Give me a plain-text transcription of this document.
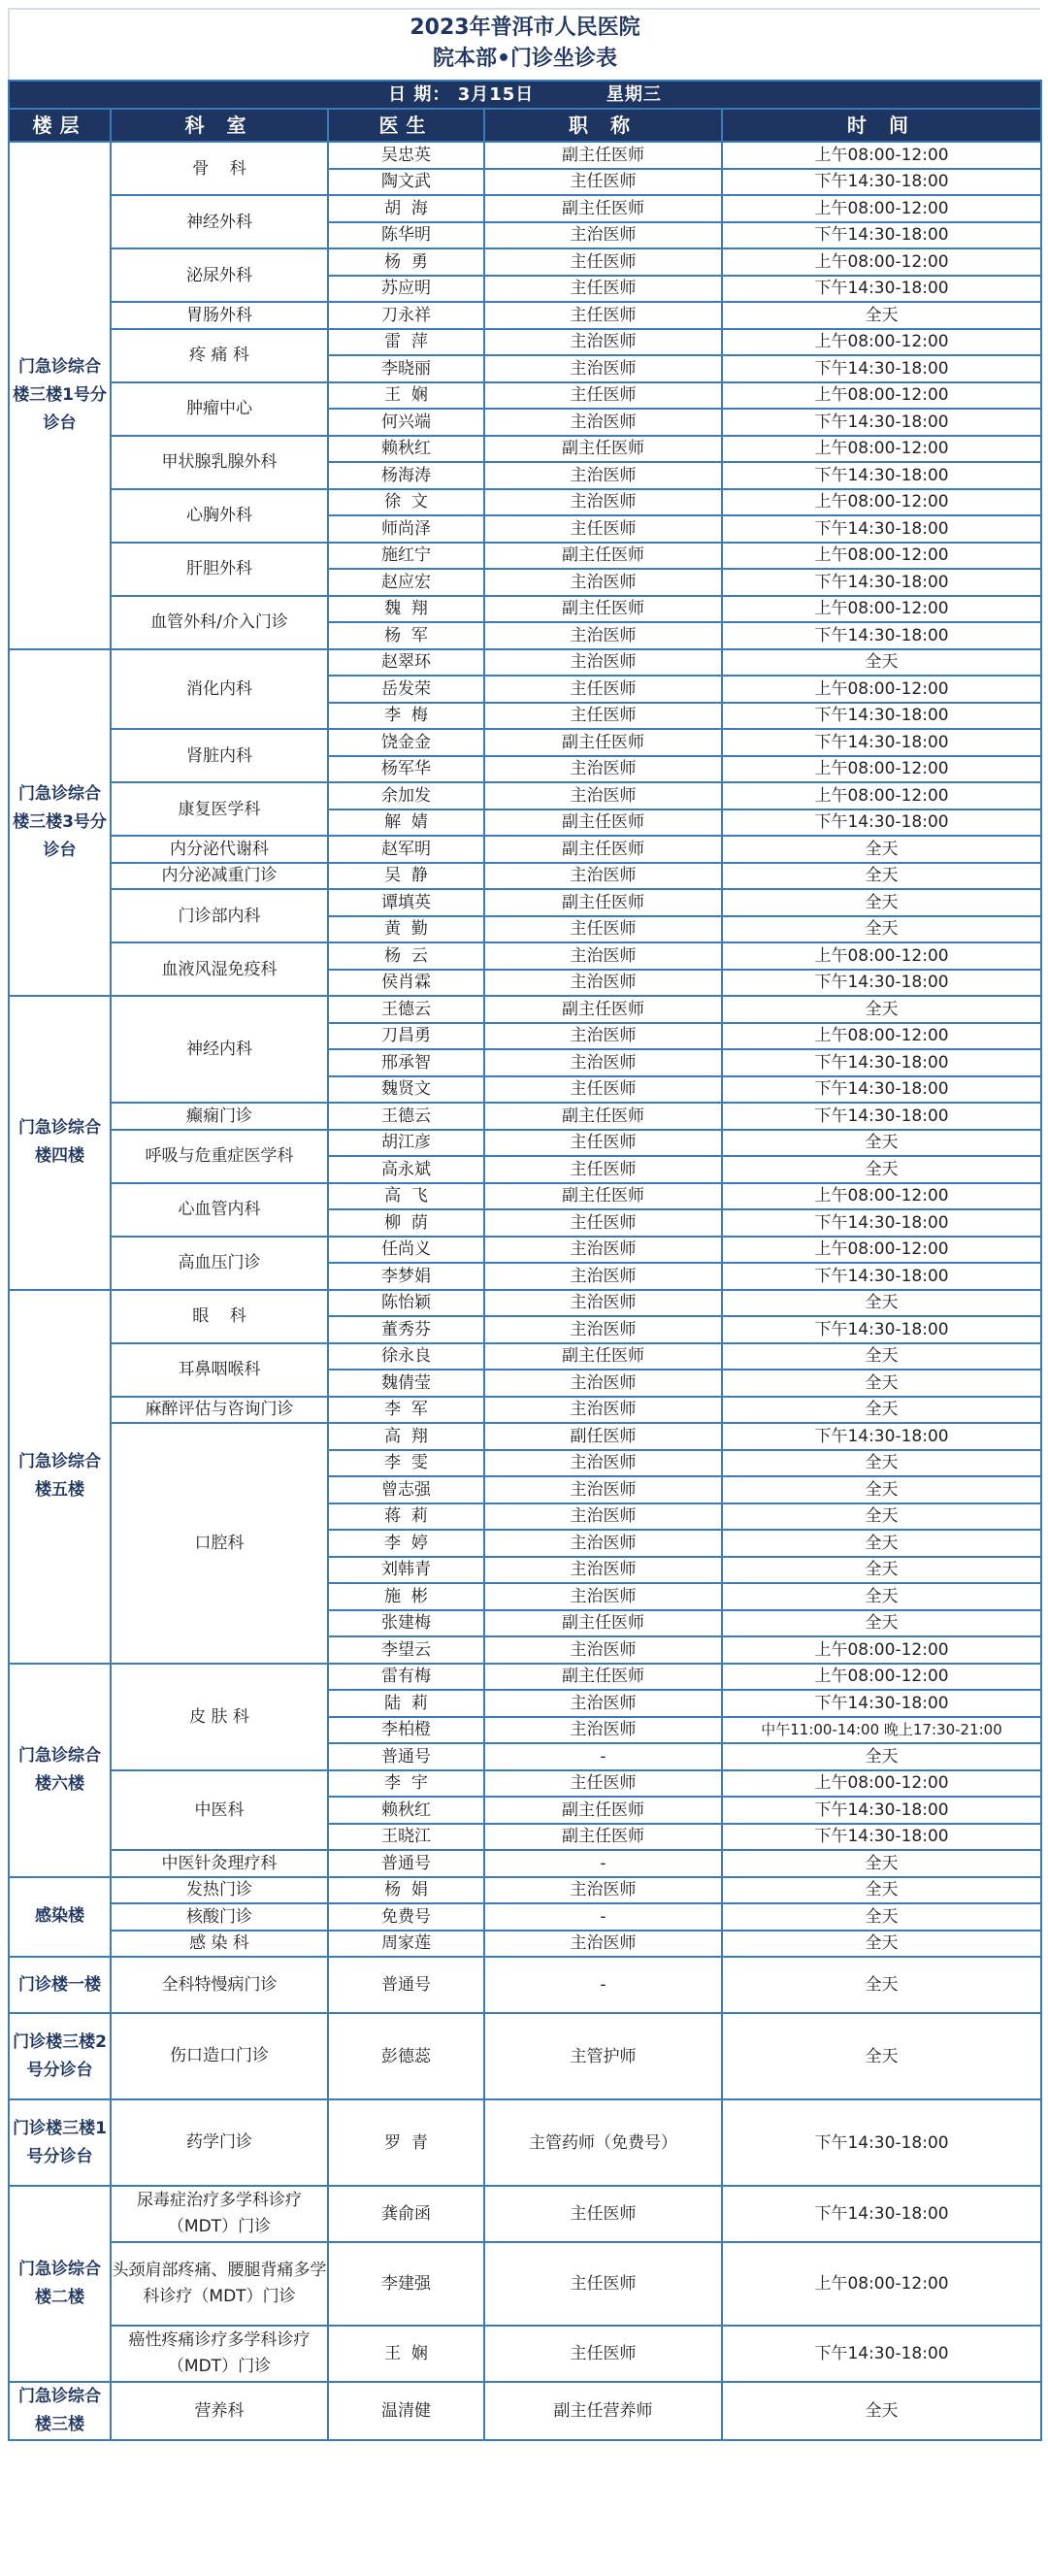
2023年普洱市人民医院
院本部•门诊坐诊表
日 期： 3月15日 星期三				
楼层	科 室	医生	职 称	时 间
门急诊综合楼三楼1号分诊台	骨    科	吴忠英	副主任医师	上午08:00-12:00
		陶文武	主任医师	下午14:30-18:00
	神经外科	胡  海	副主任医师	上午08:00-12:00
		陈华明	主治医师	下午14:30-18:00
	泌尿外科	杨  勇	主任医师	上午08:00-12:00
		苏应明	主任医师	下午14:30-18:00
	胃肠外科	刀永祥	主任医师	全天
	疼 痛 科	雷  萍	主治医师	上午08:00-12:00
		李晓丽	主治医师	下午14:30-18:00
	肿瘤中心	王  娴	主任医师	上午08:00-12:00
		何兴端	主治医师	下午14:30-18:00
	甲状腺乳腺外科	赖秋红	副主任医师	上午08:00-12:00
		杨海涛	主治医师	下午14:30-18:00
	心胸外科	徐  文	主治医师	上午08:00-12:00
		师尚泽	主任医师	下午14:30-18:00
	肝胆外科	施红宁	副主任医师	上午08:00-12:00
		赵应宏	主治医师	下午14:30-18:00
	血管外科/介入门诊	魏  翔	副主任医师	上午08:00-12:00
		杨  军	主治医师	下午14:30-18:00
门急诊综合楼三楼3号分诊台	消化内科	赵翠环	主治医师	全天
		岳发荣	主任医师	上午08:00-12:00
		李  梅	主任医师	下午14:30-18:00
	肾脏内科	饶金金	副主任医师	下午14:30-18:00
		杨军华	主治医师	上午08:00-12:00
	康复医学科	余加发	主治医师	上午08:00-12:00
		解  婧	副主任医师	下午14:30-18:00
	内分泌代谢科	赵军明	副主任医师	全天
	内分泌减重门诊	吴  静	主治医师	全天
	门诊部内科	谭填英	副主任医师	全天
		黄  勤	主任医师	全天
	血液风湿免疫科	杨  云	主治医师	上午08:00-12:00
		侯肖霖	主治医师	下午14:30-18:00
门急诊综合楼四楼	神经内科	王德云	副主任医师	全天
		刀昌勇	主治医师	上午08:00-12:00
		邢承智	主治医师	下午14:30-18:00
		魏贤文	主任医师	下午14:30-18:00
	癫痫门诊	王德云	副主任医师	下午14:30-18:00
	呼吸与危重症医学科	胡江彦	主任医师	全天
		高永斌	主任医师	全天
	心血管内科	高  飞	副主任医师	上午08:00-12:00
		柳  荫	主任医师	下午14:30-18:00
	高血压门诊	任尚义	主治医师	上午08:00-12:00
		李梦娟	主治医师	下午14:30-18:00
门急诊综合楼五楼	眼    科	陈怡颖	主治医师	全天
		董秀芬	主治医师	下午14:30-18:00
	耳鼻咽喉科	徐永良	副主任医师	全天
		魏倩莹	主治医师	全天
	麻醉评估与咨询门诊	李  军	主治医师	全天
	口腔科	高  翔	副任医师	下午14:30-18:00
		李  雯	主治医师	全天
		曾志强	主治医师	全天
		蒋  莉	主治医师	全天
		李  婷	主治医师	全天
		刘韩青	主治医师	全天
		施  彬	主治医师	全天
		张建梅	副主任医师	全天
		李望云	主治医师	上午08:00-12:00
门急诊综合楼六楼	皮 肤 科	雷有梅	副主任医师	上午08:00-12:00
		陆  莉	主治医师	下午14:30-18:00
		李柏橙	主治医师	中午11:00-14:00 晚上17:30-21:00
		普通号	-	全天
	中医科	李  宇	主任医师	上午08:00-12:00
		赖秋红	副主任医师	下午14:30-18:00
		王晓江	副主任医师	下午14:30-18:00
	中医针灸理疗科	普通号	-	全天
感染楼	发热门诊	杨  娟	主治医师	全天
	核酸门诊	免费号	-	全天
	感 染 科	周家莲	主治医师	全天
门诊楼一楼	全科特慢病门诊	普通号	-	全天
门诊楼三楼2号分诊台	伤口造口门诊	彭德蕊	主管护师	全天
门诊楼三楼1号分诊台	药学门诊	罗  青	主管药师（免费号）	下午14:30-18:00
门急诊综合楼二楼	尿毒症治疗多学科诊疗（MDT）门诊	龚俞函	主任医师	下午14:30-18:00
	头颈肩部疼痛、腰腿背痛多学科诊疗（MDT）门诊	李建强	主任医师	上午08:00-12:00
	癌性疼痛诊疗多学科诊疗（MDT）门诊	王  娴	主任医师	下午14:30-18:00
门急诊综合楼三楼	营养科	温清健	副主任营养师	全天
